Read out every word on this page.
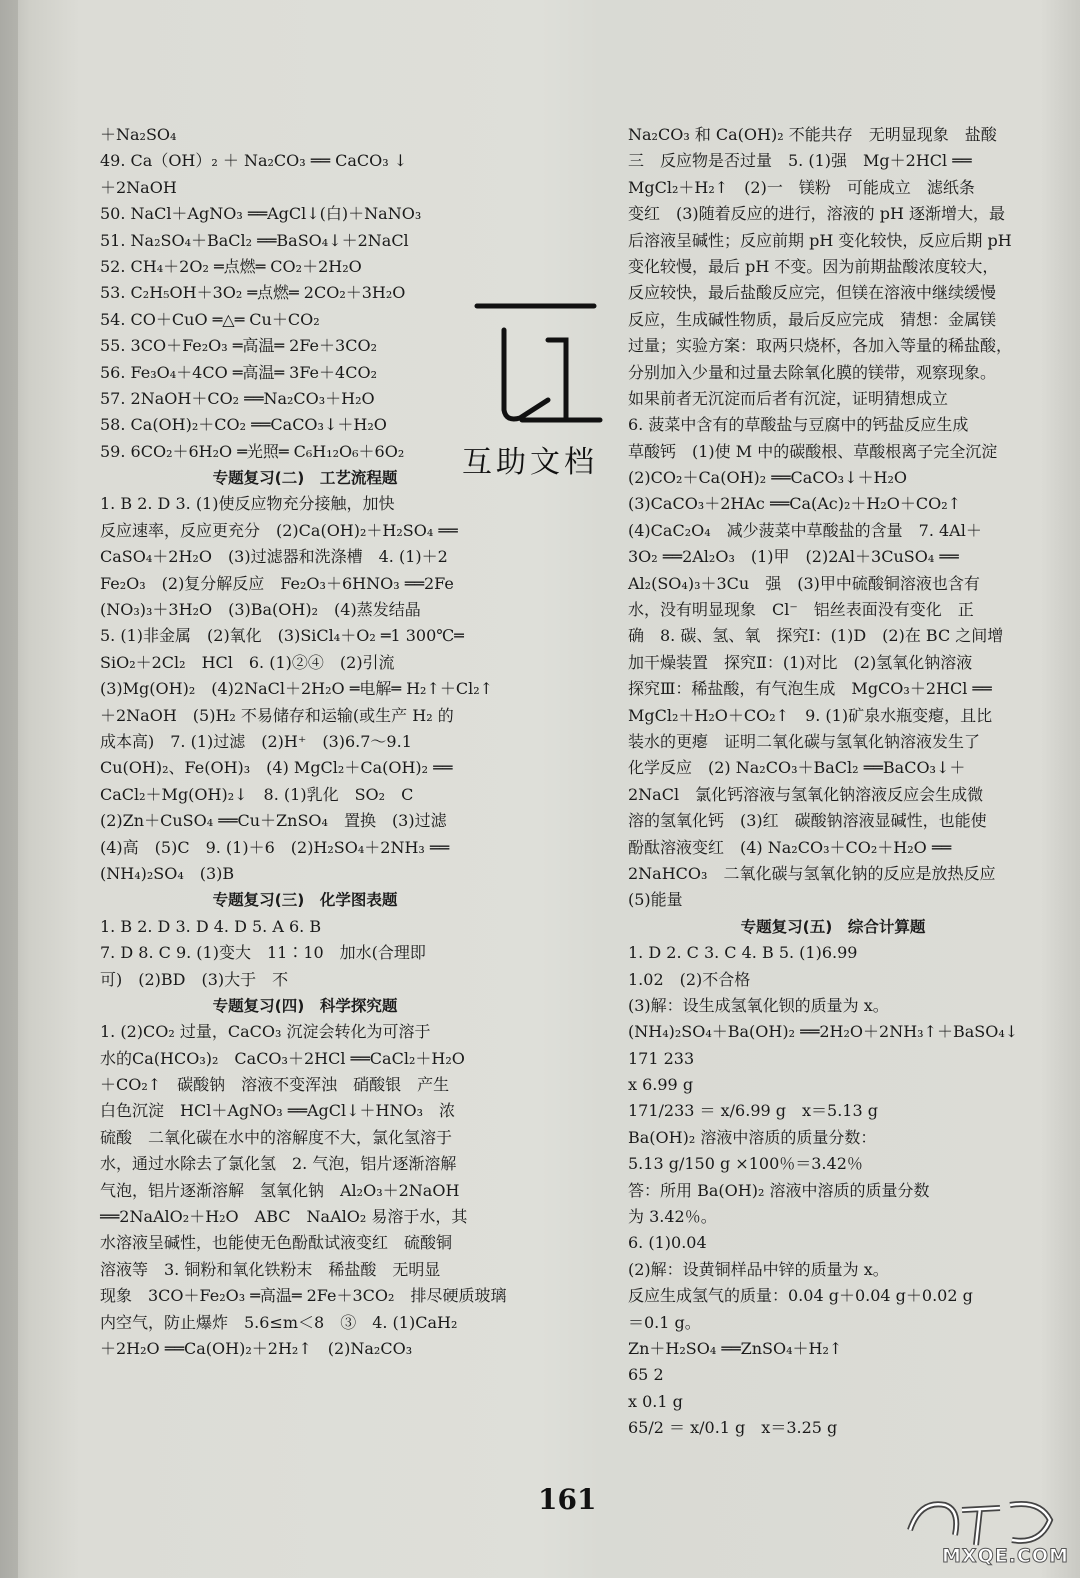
＋Na₂SO₄
49. Ca（OH）₂ ＋ Na₂CO₃ ══ CaCO₃ ↓
＋2NaOH
50. NaCl＋AgNO₃ ══AgCl↓(白)＋NaNO₃
51. Na₂SO₄＋BaCl₂ ══BaSO₄↓＋2NaCl
52. CH₄＋2O₂ ═点燃═ CO₂＋2H₂O
53. C₂H₅OH＋3O₂ ═点燃═ 2CO₂＋3H₂O
54. CO＋CuO ═△═ Cu＋CO₂
55. 3CO＋Fe₂O₃ ═高温═ 2Fe＋3CO₂
56. Fe₃O₄＋4CO ═高温═ 3Fe＋4CO₂
57. 2NaOH＋CO₂ ══Na₂CO₃＋H₂O
58. Ca(OH)₂＋CO₂ ══CaCO₃↓＋H₂O
59. 6CO₂＋6H₂O ═光照═ C₆H₁₂O₆＋6O₂
专题复习(二)　工艺流程题
1. B 2. D 3. (1)使反应物充分接触，加快
反应速率，反应更充分　(2)Ca(OH)₂＋H₂SO₄ ══
CaSO₄＋2H₂O　(3)过滤器和洗涤槽　4. (1)＋2
Fe₂O₃　(2)复分解反应　Fe₂O₃＋6HNO₃ ══2Fe
(NO₃)₃＋3H₂O　(3)Ba(OH)₂　(4)蒸发结晶
5. (1)非金属　(2)氧化　(3)SiCl₄＋O₂ ═1 300℃═
SiO₂＋2Cl₂　HCl　6. (1)②④　(2)引流
(3)Mg(OH)₂　(4)2NaCl＋2H₂O ═电解═ H₂↑＋Cl₂↑
＋2NaOH　(5)H₂ 不易储存和运输(或生产 H₂ 的
成本高)　7. (1)过滤　(2)H⁺　(3)6.7～9.1
Cu(OH)₂、Fe(OH)₃　(4) MgCl₂＋Ca(OH)₂ ══
CaCl₂＋Mg(OH)₂↓　8. (1)乳化　SO₂　C
(2)Zn＋CuSO₄ ══Cu＋ZnSO₄　置换　(3)过滤
(4)高　(5)C　9. (1)＋6　(2)H₂SO₄＋2NH₃ ══
(NH₄)₂SO₄　(3)B
专题复习(三)　化学图表题
1. B 2. D 3. D 4. D 5. A 6. B
7. D 8. C 9. (1)变大　11∶10　加水(合理即
可)　(2)BD　(3)大于　不
专题复习(四)　科学探究题
1. (2)CO₂ 过量，CaCO₃ 沉淀会转化为可溶于
水的Ca(HCO₃)₂　CaCO₃＋2HCl ══CaCl₂＋H₂O
＋CO₂↑　碳酸钠　溶液不变浑浊　硝酸银　产生
白色沉淀　HCl＋AgNO₃ ══AgCl↓＋HNO₃　浓
硫酸　二氧化碳在水中的溶解度不大，氯化氢溶于
水，通过水除去了氯化氢　2. 气泡，铝片逐渐溶解
气泡，铝片逐渐溶解　氢氧化钠　Al₂O₃＋2NaOH
══2NaAlO₂＋H₂O　ABC　NaAlO₂ 易溶于水，其
水溶液呈碱性，也能使无色酚酞试液变红　硫酸铜
溶液等　3. 铜粉和氧化铁粉末　稀盐酸　无明显
现象　3CO＋Fe₂O₃ ═高温═ 2Fe＋3CO₂　排尽硬质玻璃
内空气，防止爆炸　5.6≤m＜8　③　4. (1)CaH₂
＋2H₂O ══Ca(OH)₂＋2H₂↑　(2)Na₂CO₃
Na₂CO₃ 和 Ca(OH)₂ 不能共存　无明显现象　盐酸
三　反应物是否过量　5. (1)强　Mg＋2HCl ══
MgCl₂＋H₂↑　(2)一　镁粉　可能成立　滤纸条
变红　(3)随着反应的进行，溶液的 pH 逐渐增大，最
后溶液呈碱性；反应前期 pH 变化较快，反应后期 pH
变化较慢，最后 pH 不变。因为前期盐酸浓度较大，
反应较快，最后盐酸反应完，但镁在溶液中继续缓慢
反应，生成碱性物质，最后反应完成　猜想：金属镁
过量；实验方案：取两只烧杯，各加入等量的稀盐酸，
分别加入少量和过量去除氧化膜的镁带，观察现象。
如果前者无沉淀而后者有沉淀，证明猜想成立
6. 菠菜中含有的草酸盐与豆腐中的钙盐反应生成
草酸钙　(1)使 M 中的碳酸根、草酸根离子完全沉淀
(2)CO₂＋Ca(OH)₂ ══CaCO₃↓＋H₂O
(3)CaCO₃＋2HAc ══Ca(Ac)₂＋H₂O＋CO₂↑
(4)CaC₂O₄　减少菠菜中草酸盐的含量　7. 4Al＋
3O₂ ══2Al₂O₃　(1)甲　(2)2Al＋3CuSO₄ ══
Al₂(SO₄)₃＋3Cu　强　(3)甲中硫酸铜溶液也含有
水，没有明显现象　Cl⁻　铝丝表面没有变化　正
确　8. 碳、氢、氧　探究Ⅰ：(1)D　(2)在 BC 之间增
加干燥装置　探究Ⅱ：(1)对比　(2)氢氧化钠溶液
探究Ⅲ：稀盐酸，有气泡生成　MgCO₃＋2HCl ══
MgCl₂＋H₂O＋CO₂↑　9. (1)矿泉水瓶变瘪，且比
装水的更瘪　证明二氧化碳与氢氧化钠溶液发生了
化学反应　(2) Na₂CO₃＋BaCl₂ ══BaCO₃↓＋
2NaCl　氯化钙溶液与氢氧化钠溶液反应会生成微
溶的氢氧化钙　(3)红　碳酸钠溶液显碱性，也能使
酚酞溶液变红　(4) Na₂CO₃＋CO₂＋H₂O ══
2NaHCO₃　二氧化碳与氢氧化钠的反应是放热反应
(5)能量
专题复习(五)　综合计算题
1. D 2. C 3. C 4. B 5. (1)6.99
1.02　(2)不合格
(3)解：设生成氢氧化钡的质量为 x。
(NH₄)₂SO₄＋Ba(OH)₂ ══2H₂O＋2NH₃↑＋BaSO₄↓
171 233
x 6.99 g
171/233 ＝ x/6.99 g　x＝5.13 g
Ba(OH)₂ 溶液中溶质的质量分数：
5.13 g/150 g ×100％＝3.42％
答：所用 Ba(OH)₂ 溶液中溶质的质量分数
为 3.42％。
6. (1)0.04
(2)解：设黄铜样品中锌的质量为 x。
反应生成氢气的质量：0.04 g＋0.04 g＋0.02 g
＝0.1 g。
Zn＋H₂SO₄ ══ZnSO₄＋H₂↑
65 2
x 0.1 g
65/2 ＝ x/0.1 g　x＝3.25 g
互助文档
161
MXQE.COM
